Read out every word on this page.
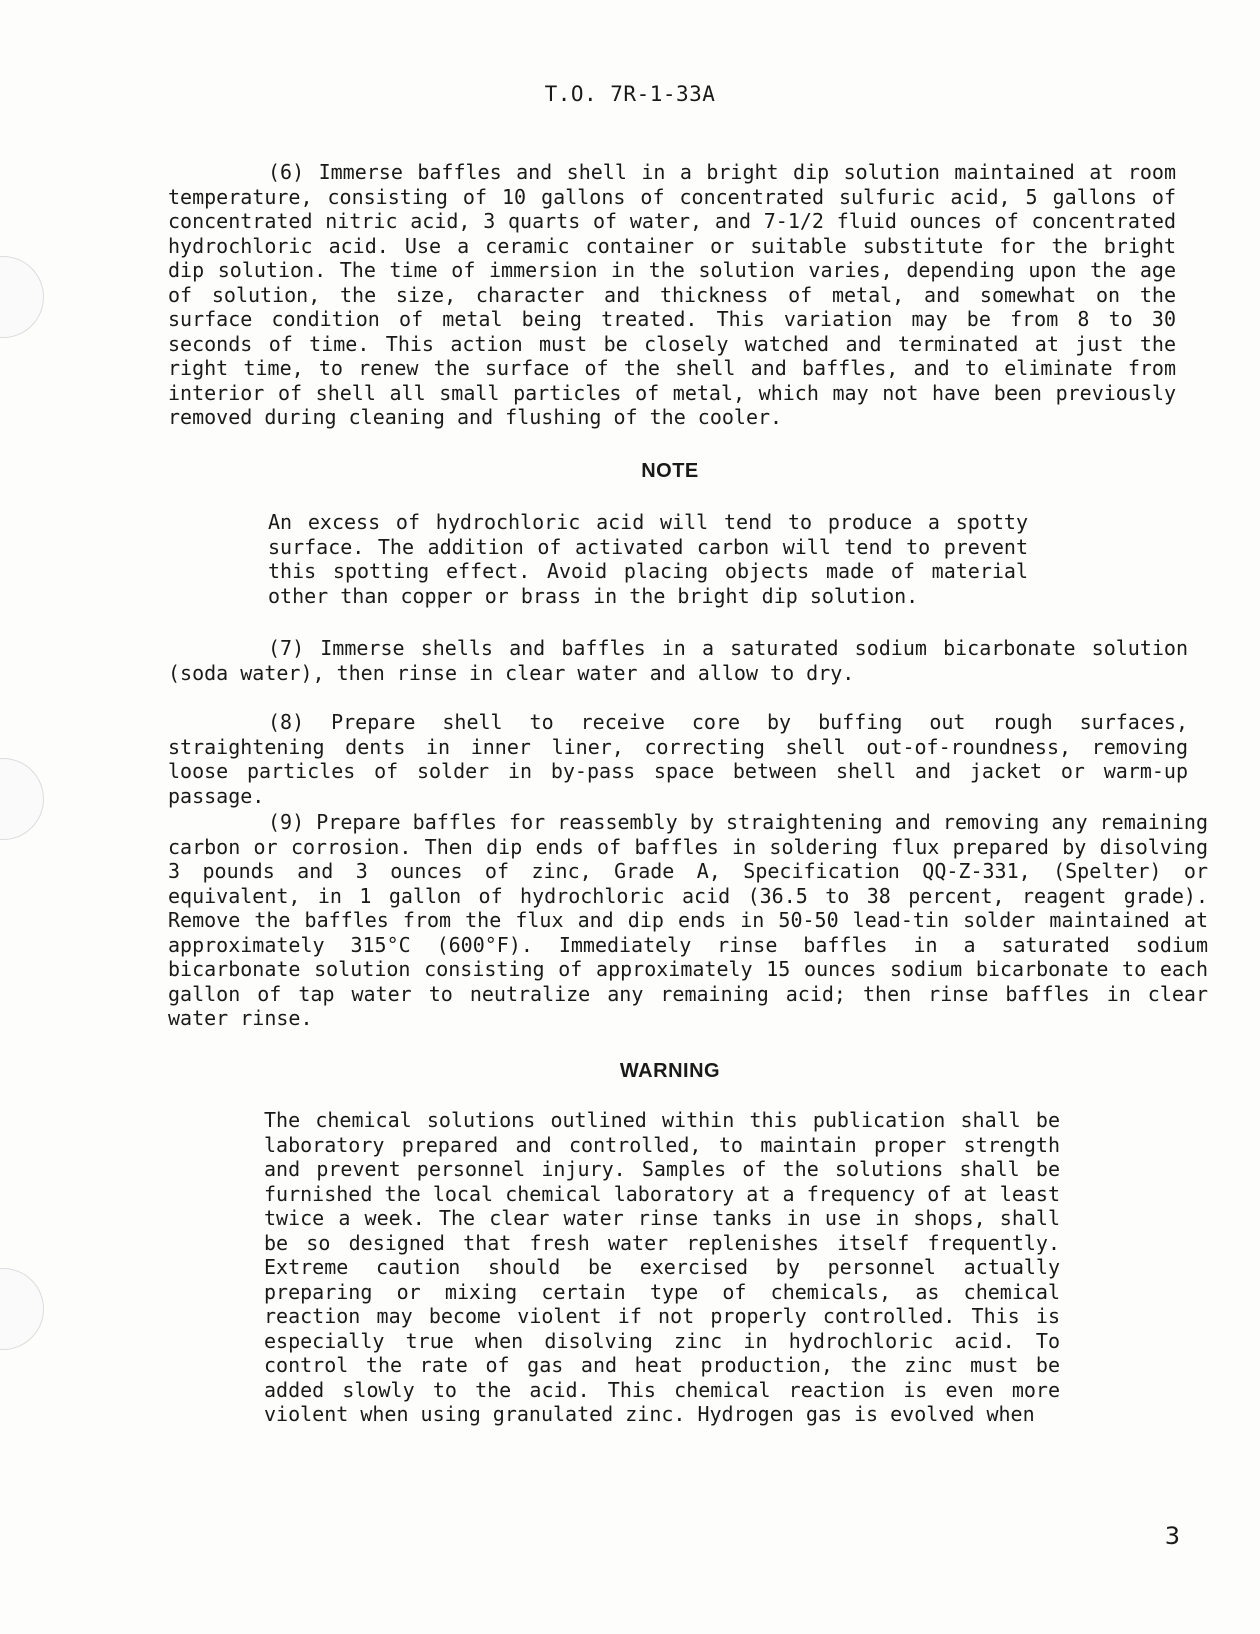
T.O. 7R-1-33A

(6) Immerse baffles and shell in a bright dip solution maintained at room temperature, consisting of 10 gallons of concentrated sulfuric acid, 5 gallons of concentrated nitric acid, 3 quarts of water, and 7-1/2 fluid ounces of concentrated hydrochloric acid. Use a ceramic container or suitable substitute for the bright dip solution. The time of immersion in the solution varies, depending upon the age of solution, the size, character and thickness of metal, and somewhat on the surface condition of metal being treated. This variation may be from 8 to 30 seconds of time. This action must be closely watched and terminated at just the right time, to renew the surface of the shell and baffles, and to eliminate from interior of shell all small particles of metal, which may not have been previously removed during cleaning and flushing of the cooler.

NOTE

An excess of hydrochloric acid will tend to produce a spotty surface. The addition of activated carbon will tend to prevent this spotting effect. Avoid placing objects made of material other than copper or brass in the bright dip solution.

(7) Immerse shells and baffles in a saturated sodium bicarbonate solution (soda water), then rinse in clear water and allow to dry.

(8) Prepare shell to receive core by buffing out rough surfaces, straightening dents in inner liner, correcting shell out-of-roundness, removing loose particles of solder in by-pass space between shell and jacket or warm-up passage.

(9) Prepare baffles for reassembly by straightening and removing any remaining carbon or corrosion. Then dip ends of baffles in soldering flux prepared by disolving 3 pounds and 3 ounces of zinc, Grade A, Specification QQ-Z-331, (Spelter) or equivalent, in 1 gallon of hydrochloric acid (36.5 to 38 percent, reagent grade). Remove the baffles from the flux and dip ends in 50-50 lead-tin solder maintained at approximately 315°C (600°F). Immediately rinse baffles in a saturated sodium bicarbonate solution consisting of approximately 15 ounces sodium bicarbonate to each gallon of tap water to neutralize any remaining acid; then rinse baffles in clear water rinse.

WARNING

The chemical solutions outlined within this publication shall be laboratory prepared and controlled, to maintain proper strength and prevent personnel injury. Samples of the solutions shall be furnished the local chemical laboratory at a frequency of at least twice a week. The clear water rinse tanks in use in shops, shall be so designed that fresh water replenishes itself frequently. Extreme caution should be exercised by personnel actually preparing or mixing certain type of chemicals, as chemical reaction may become violent if not properly controlled. This is especially true when disolving zinc in hydrochloric acid. To control the rate of gas and heat production, the zinc must be added slowly to the acid. This chemical reaction is even more violent when using granulated zinc. Hydrogen gas is evolved when

3
